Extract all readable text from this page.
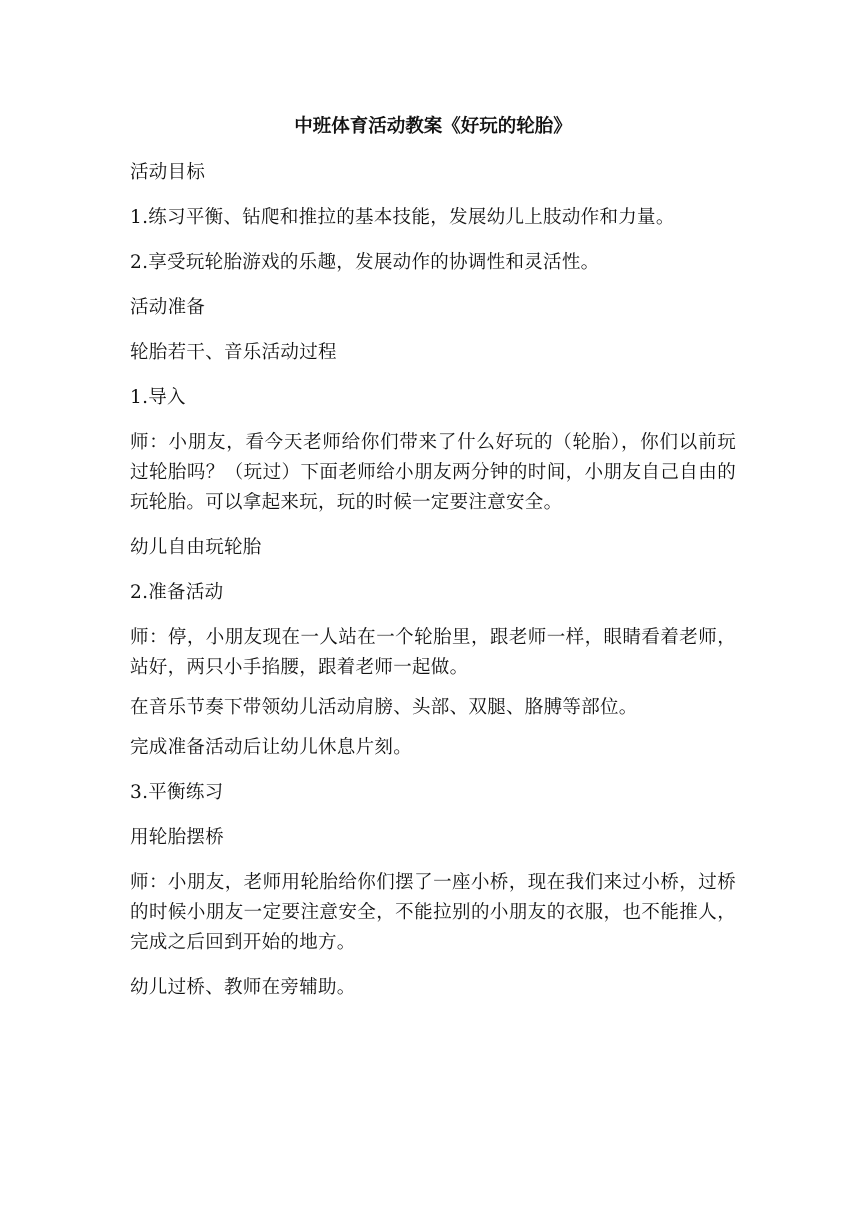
中班体育活动教案《好玩的轮胎》

活动目标

1.练习平衡、钻爬和推拉的基本技能，发展幼儿上肢动作和力量。

2.享受玩轮胎游戏的乐趣，发展动作的协调性和灵活性。

活动准备

轮胎若干、音乐活动过程

1.导入

师：小朋友，看今天老师给你们带来了什么好玩的（轮胎），你们以前玩过轮胎吗？（玩过）下面老师给小朋友两分钟的时间，小朋友自己自由的玩轮胎。可以拿起来玩，玩的时候一定要注意安全。

幼儿自由玩轮胎

2.准备活动

师：停，小朋友现在一人站在一个轮胎里，跟老师一样，眼睛看着老师，站好，两只小手掐腰，跟着老师一起做。

在音乐节奏下带领幼儿活动肩膀、头部、双腿、胳膊等部位。

完成准备活动后让幼儿休息片刻。

3.平衡练习

用轮胎摆桥

师：小朋友，老师用轮胎给你们摆了一座小桥，现在我们来过小桥，过桥的时候小朋友一定要注意安全，不能拉别的小朋友的衣服，也不能推人，完成之后回到开始的地方。

幼儿过桥、教师在旁辅助。
